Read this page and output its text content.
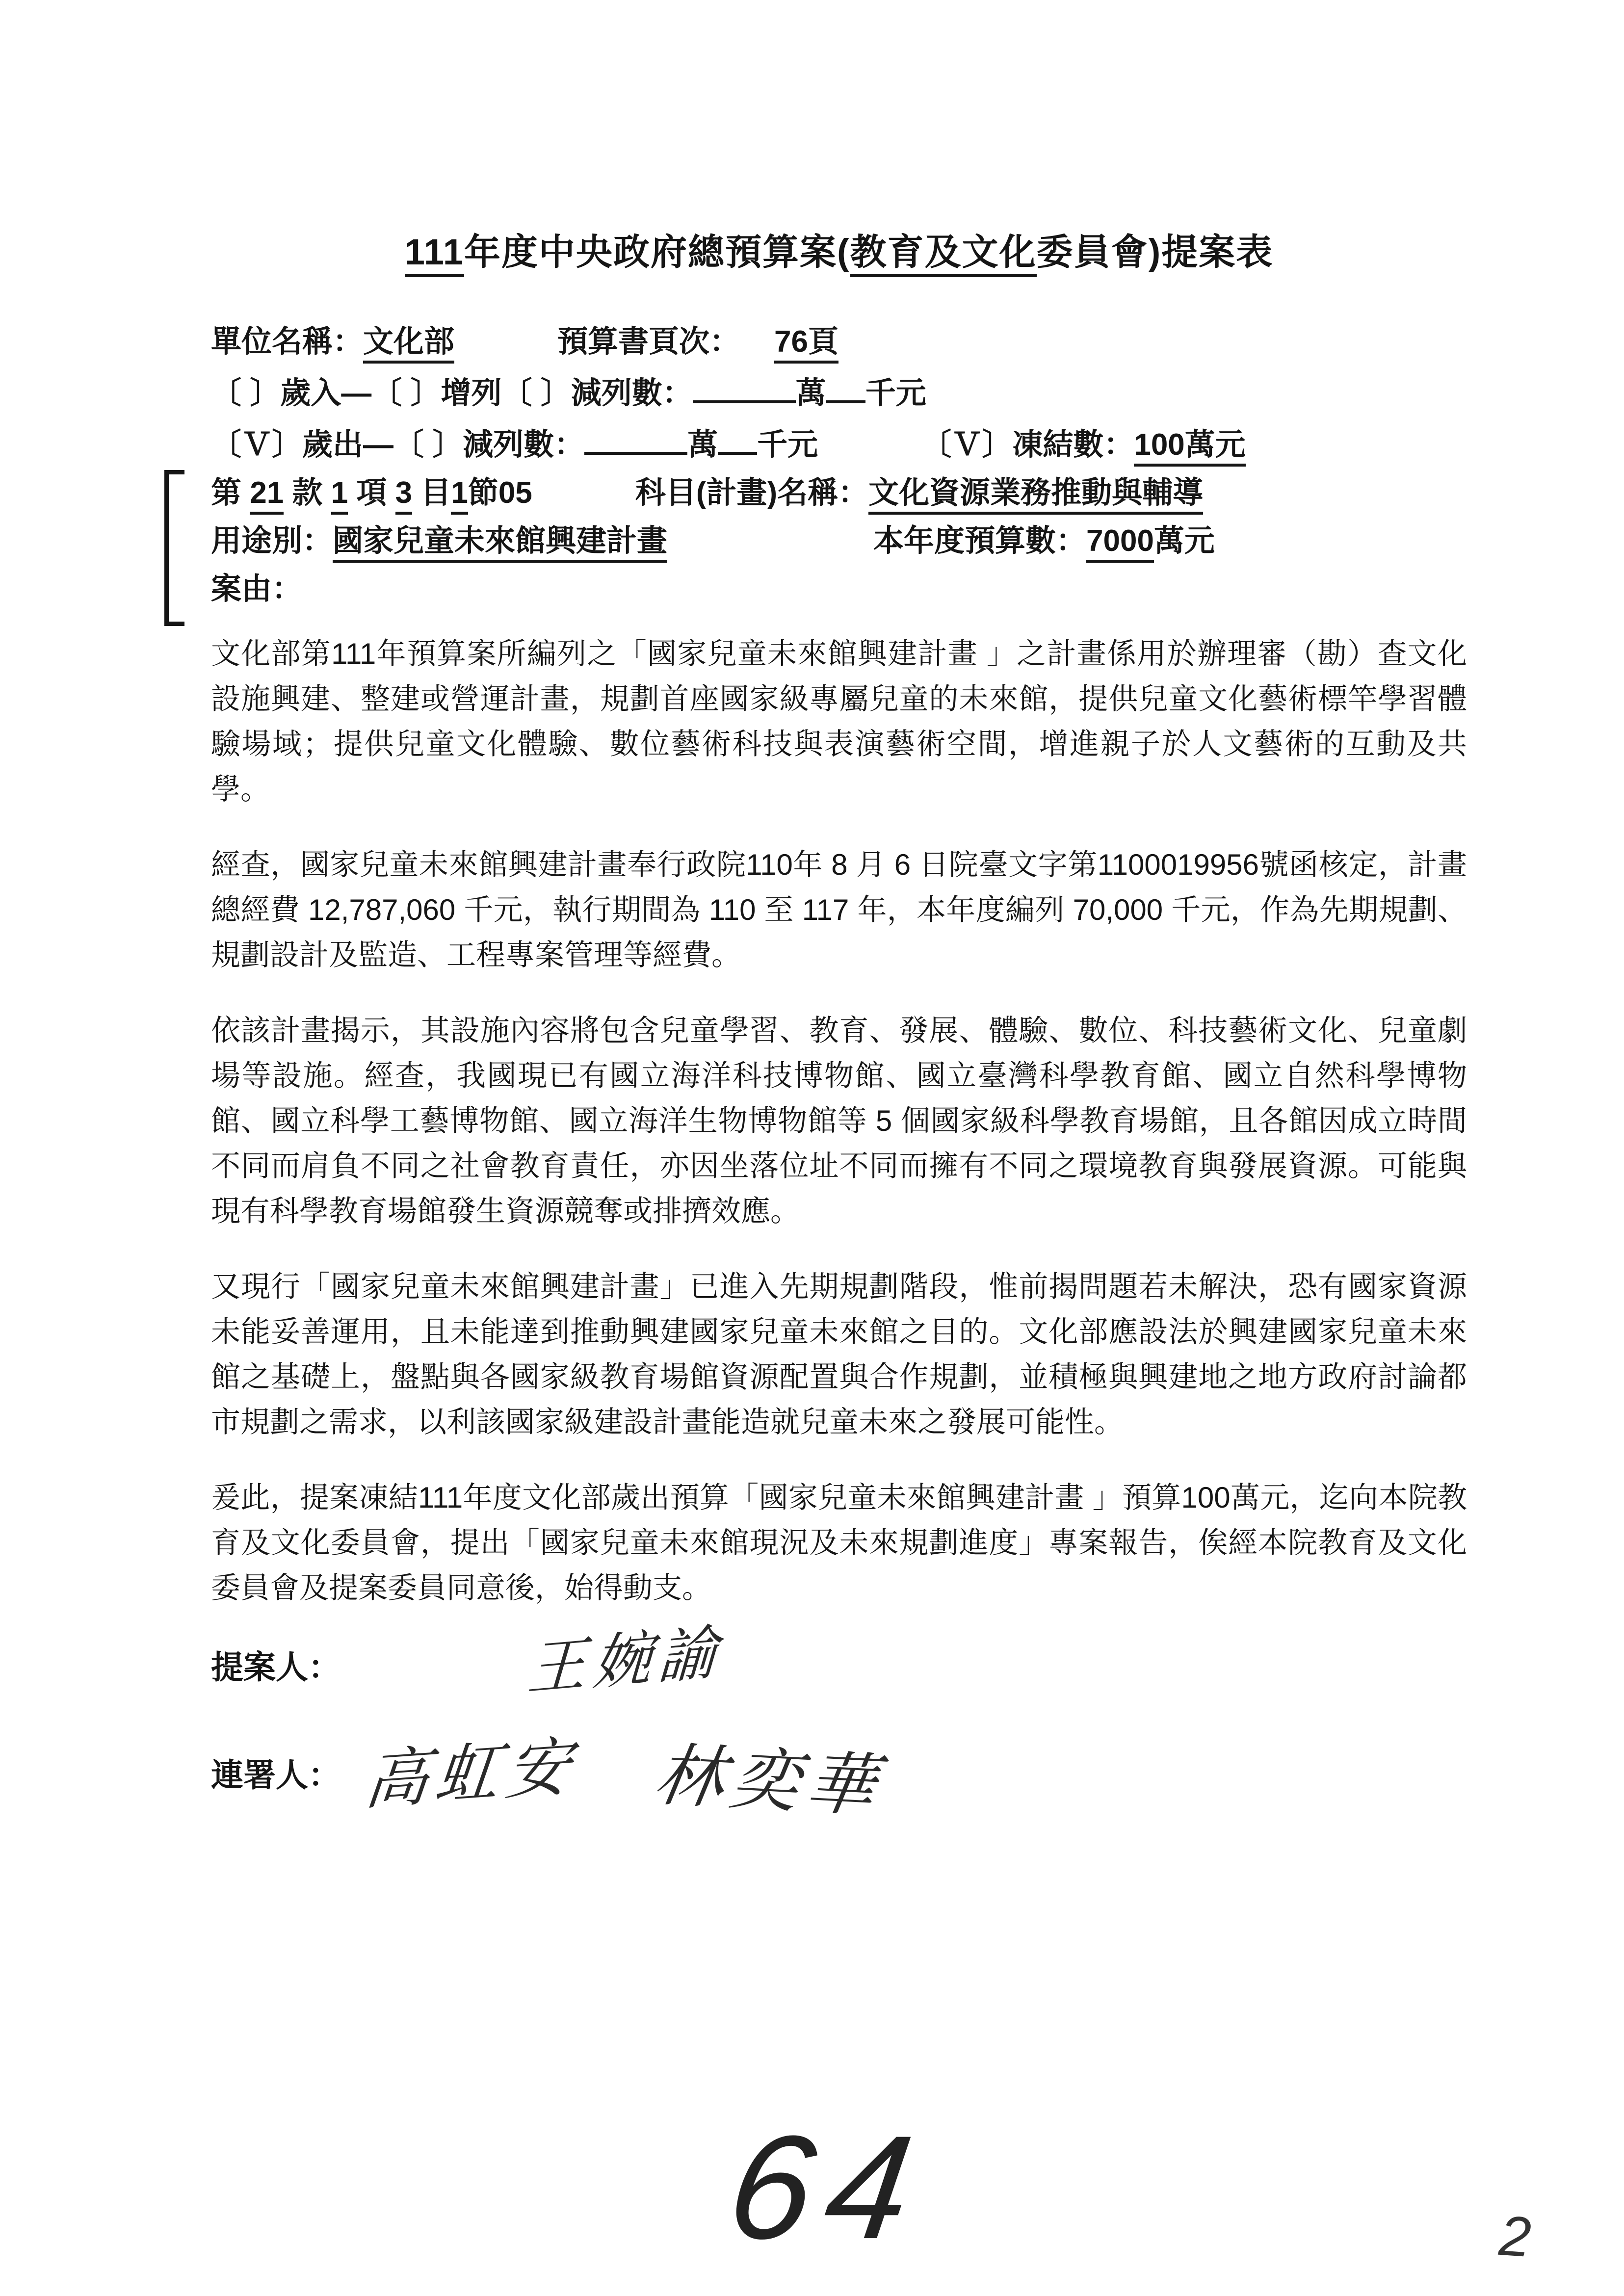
111年度中央政府總預算案(教育及文化委員會)提案表
單位名稱：文化部	預算書頁次： 76頁
〔 〕歲入—〔 〕增列〔 〕減列數：	萬 千元
〔Ｖ〕歲出—〔 〕減列數：	萬 千元	〔Ｖ〕凍結數：100萬元
第 21 款 1 項 3 目1節05	科目(計畫)名稱：文化資源業務推動與輔導
用途別：國家兒童未來館興建計畫	本年度預算數：7000萬元
案由：

文化部第111年預算案所編列之「國家兒童未來館興建計畫 」之計畫係用於辦理審（勘）查文化設施興建、整建或營運計畫，規劃首座國家級專屬兒童的未來館，提供兒童文化藝術標竿學習體驗場域；提供兒童文化體驗、數位藝術科技與表演藝術空間，增進親子於人文藝術的互動及共學。

經查，國家兒童未來館興建計畫奉行政院110年 8 月 6 日院臺文字第1100019956號函核定，計畫總經費 12,787,060 千元，執行期間為 110 至 117 年，本年度編列 70,000 千元，作為先期規劃、規劃設計及監造、工程專案管理等經費。

依該計畫揭示，其設施內容將包含兒童學習、教育、發展、體驗、數位、科技藝術文化、兒童劇場等設施。經查，我國現已有國立海洋科技博物館、國立臺灣科學教育館、國立自然科學博物館、國立科學工藝博物館、國立海洋生物博物館等 5 個國家級科學教育場館，且各館因成立時間不同而肩負不同之社會教育責任，亦因坐落位址不同而擁有不同之環境教育與發展資源。可能與現有科學教育場館發生資源競奪或排擠效應。

又現行「國家兒童未來館興建計畫」已進入先期規劃階段，惟前揭問題若未解決，恐有國家資源未能妥善運用，且未能達到推動興建國家兒童未來館之目的。文化部應設法於興建國家兒童未來館之基礎上，盤點與各國家級教育場館資源配置與合作規劃，並積極與興建地之地方政府討論都市規劃之需求，以利該國家級建設計畫能造就兒童未來之發展可能性。

爰此，提案凍結111年度文化部歲出預算「國家兒童未來館興建計畫 」預算100萬元，迄向本院教育及文化委員會，提出「國家兒童未來館現況及未來規劃進度」專案報告，俟經本院教育及文化委員會及提案委員同意後，始得動支。

提案人：	王婉諭
連署人： 高虹安 林奕華
64	2
